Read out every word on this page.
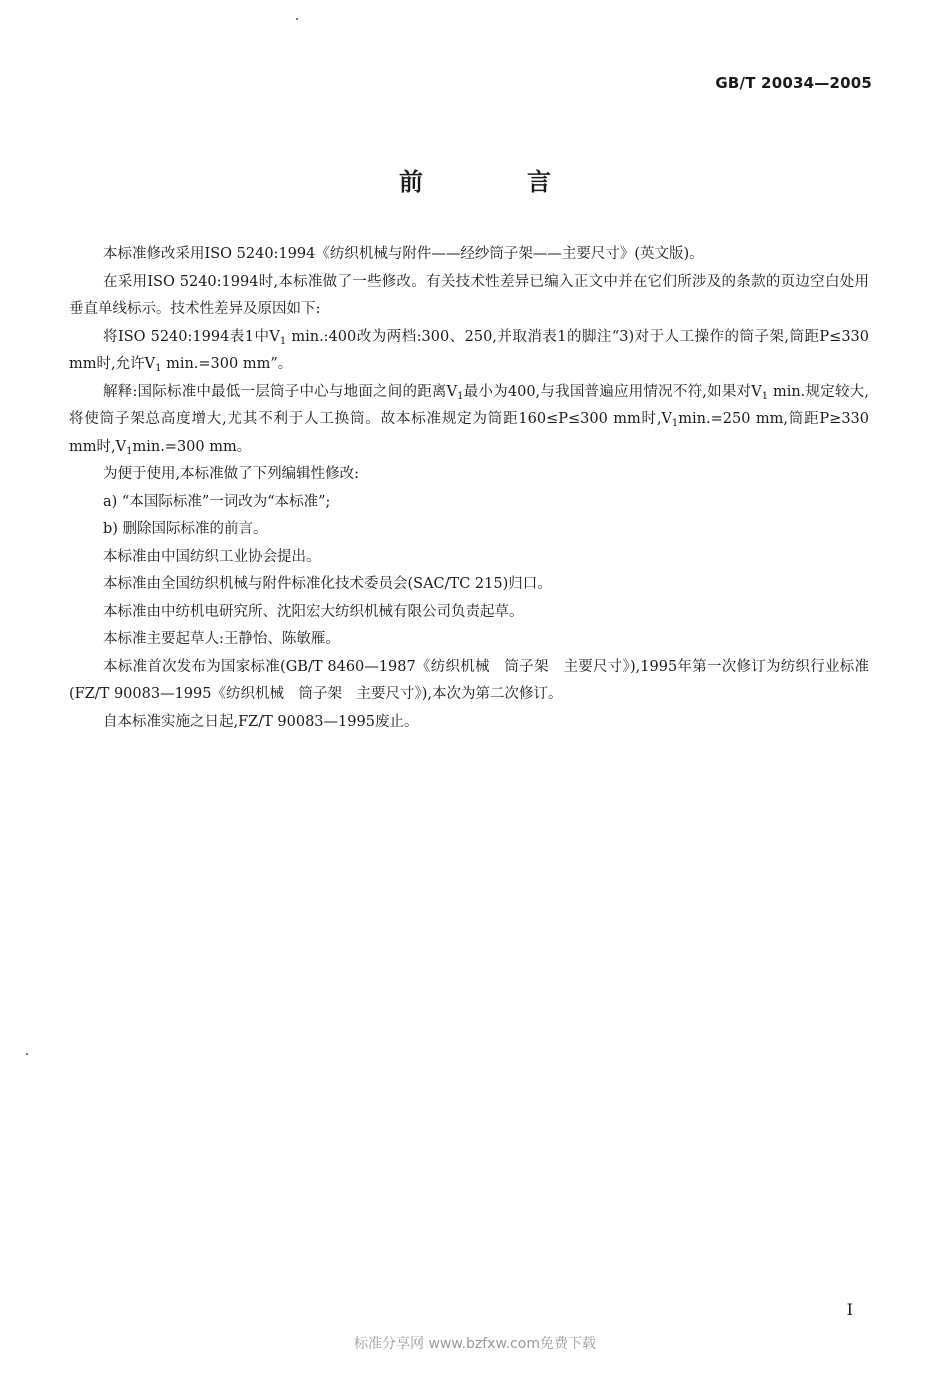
GB/T 20034—2005
前　言

本标准修改采用ISO 5240:1994《纺织机械与附件——经纱筒子架——主要尺寸》(英文版)。

在采用ISO 5240:1994时,本标准做了一些修改。有关技术性差异已编入正文中并在它们所涉及的条款的页边空白处用垂直单线标示。技术性差异及原因如下:

将ISO 5240:1994表1中$V_1$ min.:400改为两档:300、250,并取消表1的脚注“3)对于人工操作的筒子架,筒距P≤330 mm时,允许$V_1$ min.=300 mm”。

解释:国际标准中最低一层筒子中心与地面之间的距离$V_1$最小为400,与我国普遍应用情况不符,如果对$V_1$ min.规定较大,将使筒子架总高度增大,尤其不利于人工换筒。故本标准规定为筒距160≤P≤300 mm时$,V_1\min.=250$ mm,筒距P≥330 mm时$,V_1\min.=300$ mm。

为便于使用,本标准做了下列编辑性修改:

a) “本国际标准”一词改为“本标准”;

b) 删除国际标准的前言。

本标准由中国纺织工业协会提出。

本标准由全国纺织机械与附件标准化技术委员会(SAC/TC 215)归口。

本标准由中纺机电研究所、沈阳宏大纺织机械有限公司负责起草。

本标准主要起草人:王静怡、陈敏雁。

本标准首次发布为国家标准(GB/T 8460—1987《纺织机械　筒子架　主要尺寸》),1995年第一次修订为纺织行业标准(FZ/T 90083—1995《纺织机械　筒子架　主要尺寸》),本次为第二次修订。

自本标准实施之日起,FZ/T 90083—1995废止。

I
标准分享网 www.bzfxw.com免费下载
